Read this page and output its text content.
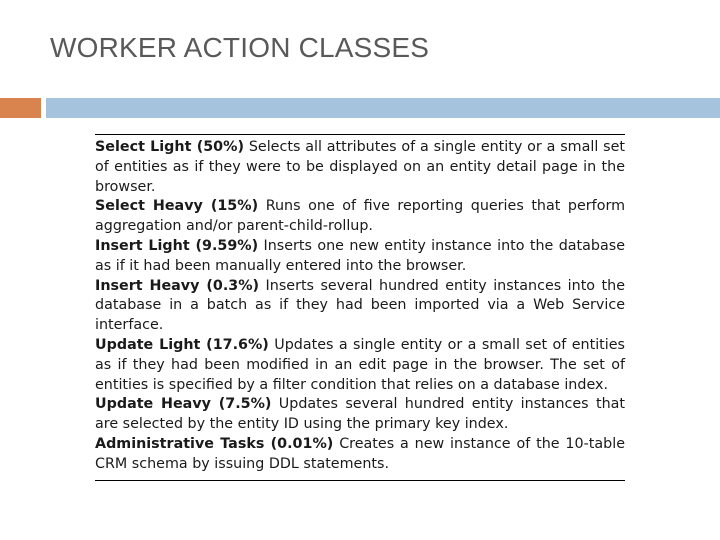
WORKER ACTION CLASSES

Select Light (50%) Selects all attributes of a single entity or a small set of entities as if they were to be displayed on an entity detail page in the browser.

Select Heavy (15%) Runs one of five reporting queries that perform aggregation and/or parent-child-rollup.

Insert Light (9.59%) Inserts one new entity instance into the database as if it had been manually entered into the browser.

Insert Heavy (0.3%) Inserts several hundred entity instances into the database in a batch as if they had been imported via a Web Service interface.

Update Light (17.6%) Updates a single entity or a small set of entities as if they had been modified in an edit page in the browser. The set of entities is specified by a filter condition that relies on a database index.

Update Heavy (7.5%) Updates several hundred entity instances that are selected by the entity ID using the primary key index.

Administrative Tasks (0.01%) Creates a new instance of the 10-table CRM schema by issuing DDL statements.
